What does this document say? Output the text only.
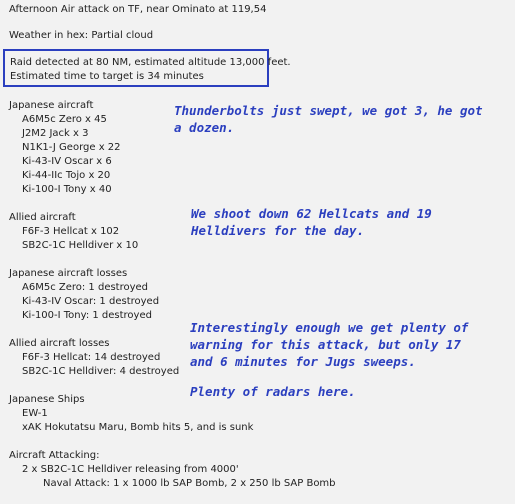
Afternoon Air attack on TF, near Ominato at 119,54
Weather in hex: Partial cloud
Raid detected at 80 NM, estimated altitude 13,000 feet.
Estimated time to target is 34 minutes
Japanese aircraft
A6M5c Zero x 45
J2M2 Jack x 3
N1K1-J George x 22
Ki-43-IV Oscar x 6
Ki-44-IIc Tojo x 20
Ki-100-I Tony x 40
Allied aircraft
F6F-3 Hellcat x 102
SB2C-1C Helldiver x 10
Japanese aircraft losses
A6M5c Zero: 1 destroyed
Ki-43-IV Oscar: 1 destroyed
Ki-100-I Tony: 1 destroyed
Allied aircraft losses
F6F-3 Hellcat: 14 destroyed
SB2C-1C Helldiver: 4 destroyed
Japanese Ships
EW-1
xAK Hokutatsu Maru, Bomb hits 5, and is sunk
Aircraft Attacking:
2 x SB2C-1C Helldiver releasing from 4000'
Naval Attack: 1 x 1000 lb SAP Bomb, 2 x 250 lb SAP Bomb
Thunderbolts just swept, we got 3, he got
a dozen.
We shoot down 62 Hellcats and 19
Helldivers for the day.
Interestingly enough we get plenty of
warning for this attack, but only 17
and 6 minutes for Jugs sweeps.
Plenty of radars here.
